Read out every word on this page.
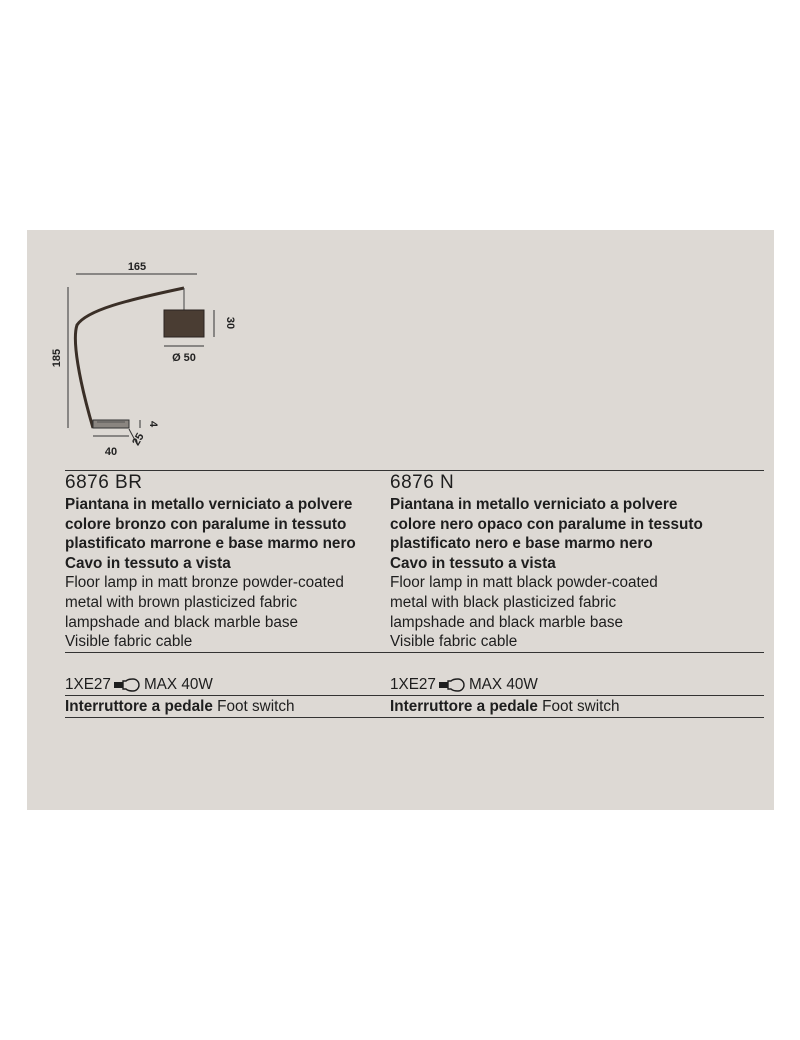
165
185
30
Ø 50
4
25
40
6876 BR
Piantana in metallo verniciato a polvere
colore bronzo con paralume in tessuto
plastificato marrone e base marmo nero
Cavo in tessuto a vista
Floor lamp in matt bronze powder-coated
metal with brown plasticized fabric
lampshade and black marble base
Visible fabric cable
6876 N
Piantana in metallo verniciato a polvere
colore nero opaco con paralume in tessuto
plastificato nero e base marmo nero
Cavo in tessuto a vista
Floor lamp in matt black powder-coated
metal with black plasticized fabric
lampshade and black marble base
Visible fabric cable
1XE27 MAX 40W	1XE27 MAX 40W
Interruttore a pedale Foot switch	Interruttore a pedale Foot switch
